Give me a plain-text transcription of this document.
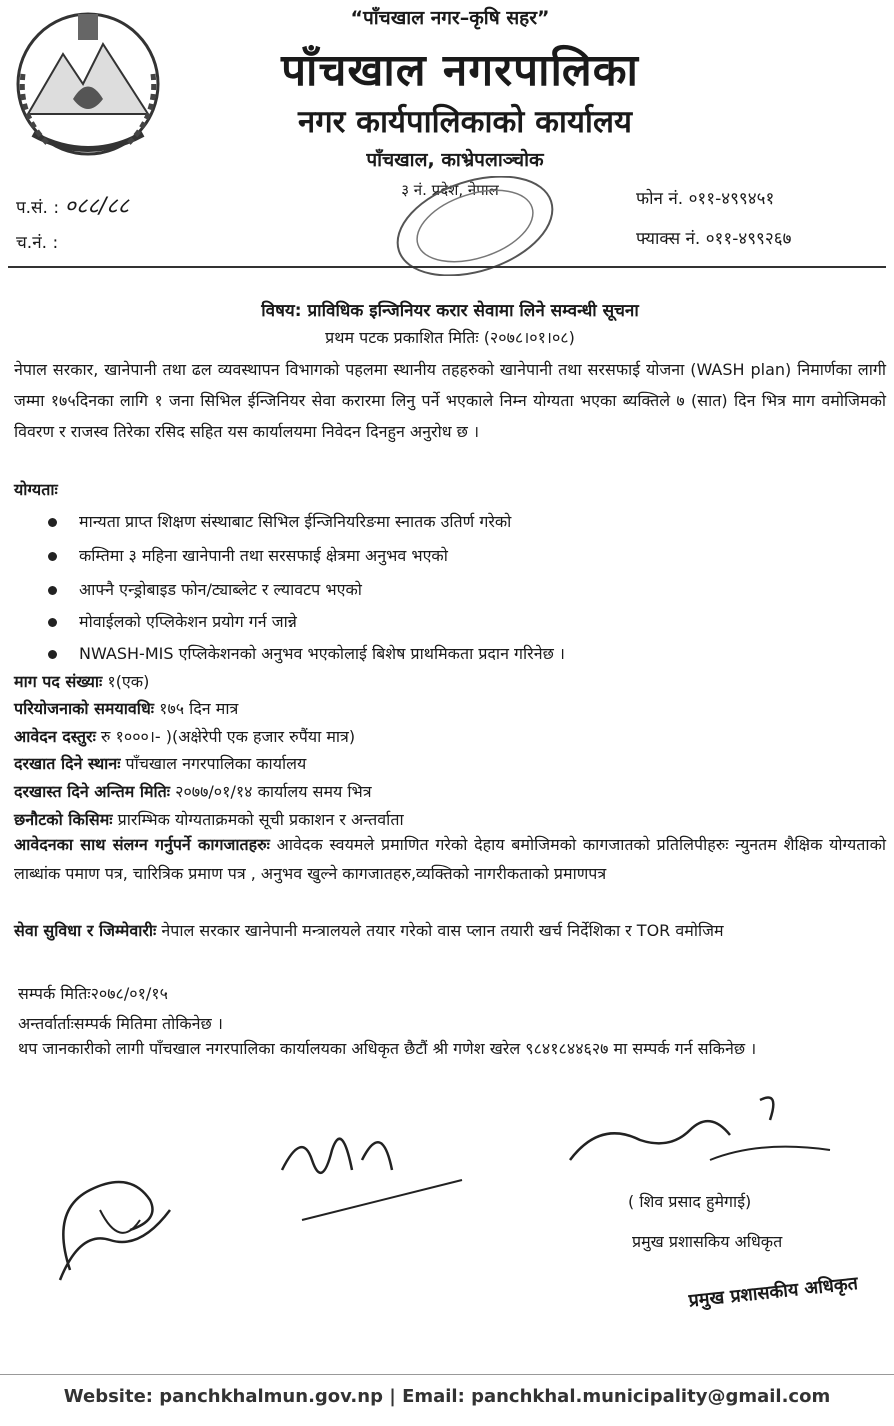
“पाँचखाल नगर–कृषि सहर”
पाँचखाल नगरपालिका
नगर कार्यपालिकाको कार्यालय
पाँचखाल, काभ्रेपलाञ्चोक
३ नं. प्रदेश, नेपाल
प.सं. : ०८८/८८
च.नं. :
फोन नं. ०११-४९९४५१
फ्याक्स नं. ०११-४९९२६७
विषय: प्राविधिक इन्जिनियर करार सेवामा लिने सम्वन्धी सूचना
प्रथम पटक प्रकाशित मितिः (२०७८।०१।०८)
नेपाल सरकार, खानेपानी तथा ढल व्यवस्थापन विभागको पहलमा स्थानीय तहहरुको खानेपानी तथा सरसफाई योजना (WASH plan) निमार्णका लागी जम्मा १७५दिनका लागि १ जना सिभिल ईन्जिनियर सेवा करारमा लिनु पर्ने भएकाले निम्न योग्यता भएका ब्यक्तिले ७ (सात) दिन भित्र माग वमोजिमको विवरण र राजस्व तिरेका रसिद सहित यस कार्यालयमा निवेदन दिनहुन अनुरोध छ ।
योग्यताः
मान्यता प्राप्त शिक्षण संस्थाबाट सिभिल ईन्जिनियरिङमा स्नातक उतिर्ण गरेको
कम्तिमा ३ महिना खानेपानी तथा सरसफाई क्षेत्रमा अनुभव भएको
आफ्नै एन्ड्रोबाइड फोन/ट्याब्लेट र ल्यावटप भएको
मोवाईलको एप्लिकेशन प्रयोग गर्न जान्ने
NWASH-MIS एप्लिकेशनको अनुभव भएकोलाई बिशेष प्राथमिकता प्रदान गरिनेछ ।
माग पद संख्याः १(एक)
परियोजनाको समयावधिः १७५ दिन मात्र
आवेदन दस्तुरः रु १०००।- )(अक्षेरेपी एक हजार रुपैंया मात्र)
दरखात दिने स्थानः पाँचखाल नगरपालिका कार्यालय
दरखास्त दिने अन्तिम मितिः २०७७/०१/१४ कार्यालय समय भित्र
छनौटको किसिमः प्रारम्भिक योग्यताक्रमको सूची प्रकाशन र अन्तर्वाता
आवेदनका साथ संलग्न गर्नुपर्ने कागजातहरुः आवेदक स्वयमले प्रमाणित गरेको देहाय बमोजिमको कागजातको प्रतिलिपीहरुः न्युनतम शैक्षिक योग्यताको लाब्धांक पमाण पत्र, चारित्रिक प्रमाण पत्र , अनुभव खुल्ने कागजातहरु,व्यक्तिको नागरीकताको प्रमाणपत्र
सेवा सुविधा र जिम्मेवारीः नेपाल सरकार खानेपानी मन्त्रालयले तयार गरेको वास प्लान तयारी खर्च निर्देशिका र TOR वमोजिम
सम्पर्क मितिः२०७८/०१/१५
अन्तर्वार्ताःसम्पर्क मितिमा तोकिनेछ ।
थप जानकारीको लागी पाँचखाल नगरपालिका कार्यालयका अधिकृत छैटौं श्री गणेश खरेल ९८४१८४४६२७ मा सम्पर्क गर्न सकिनेछ ।
( शिव प्रसाद हुमेगाई)
प्रमुख प्रशासकिय अधिकृत
प्रमुख प्रशासकीय अधिकृत
Website: panchkhalmun.gov.np | Email: panchkhal.municipality@gmail.com
